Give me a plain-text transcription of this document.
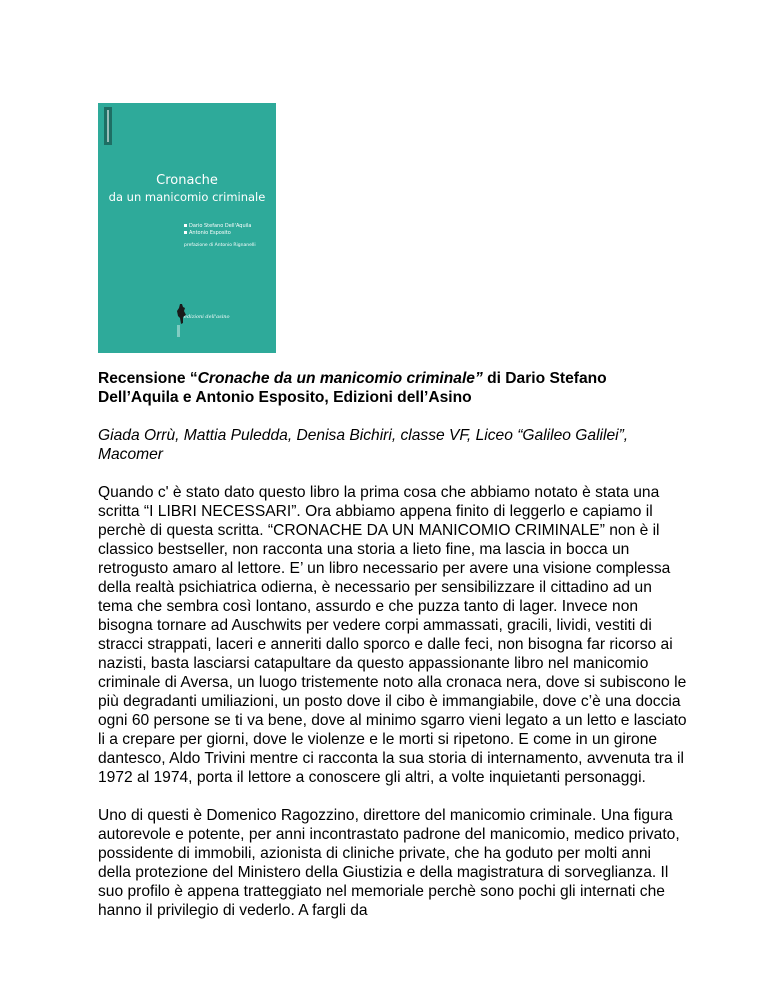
Cronache
da un manicomio criminale
Dario Stefano Dell'Aquila
Antonio Esposito
prefazione di Antonio Rignanelli
edizioni dell'asino

Recensione “Cronache da un manicomio criminale” di Dario Stefano Dell’Aquila e Antonio Esposito, Edizioni dell’Asino

Giada Orrù, Mattia Puledda, Denisa Bichiri, classe VF, Liceo “Galileo Galilei”, Macomer

Quando c' è stato dato questo libro la prima cosa che abbiamo notato è stata una scritta “I LIBRI NECESSARI”. Ora abbiamo appena finito di leggerlo e capiamo il perchè di questa scritta. “CRONACHE DA UN MANICOMIO CRIMINALE” non è il classico bestseller, non racconta una storia a lieto fine, ma lascia in bocca un retrogusto amaro al lettore. E’ un libro necessario per avere una visione complessa della realtà psichiatrica odierna, è necessario per sensibilizzare il cittadino ad un tema che sembra così lontano, assurdo e che puzza tanto di lager. Invece non bisogna tornare ad Auschwits per vedere corpi ammassati, gracili, lividi, vestiti di stracci strappati, laceri e anneriti dallo sporco e dalle feci, non bisogna far ricorso ai nazisti, basta lasciarsi catapultare da questo appassionante libro nel manicomio criminale di Aversa, un luogo tristemente noto alla cronaca nera, dove si subiscono le più degradanti umiliazioni, un posto dove il cibo è immangiabile, dove c’è una doccia ogni 60 persone se ti va bene, dove al minimo sgarro vieni legato a un letto e lasciato li a crepare per giorni, dove le violenze e le morti si ripetono. E come in un girone dantesco, Aldo Trivini mentre ci racconta la sua storia di internamento, avvenuta tra il 1972 al 1974, porta il lettore a conoscere gli altri, a volte inquietanti personaggi.

Uno di questi è Domenico Ragozzino, direttore del manicomio criminale. Una figura autorevole e potente, per anni incontrastato padrone del manicomio, medico privato, possidente di immobili, azionista di cliniche private, che ha goduto per molti anni della protezione del Ministero della Giustizia e della magistratura di sorveglianza. Il suo profilo è appena tratteggiato nel memoriale perchè sono pochi gli internati che hanno il privilegio di vederlo. A fargli da
